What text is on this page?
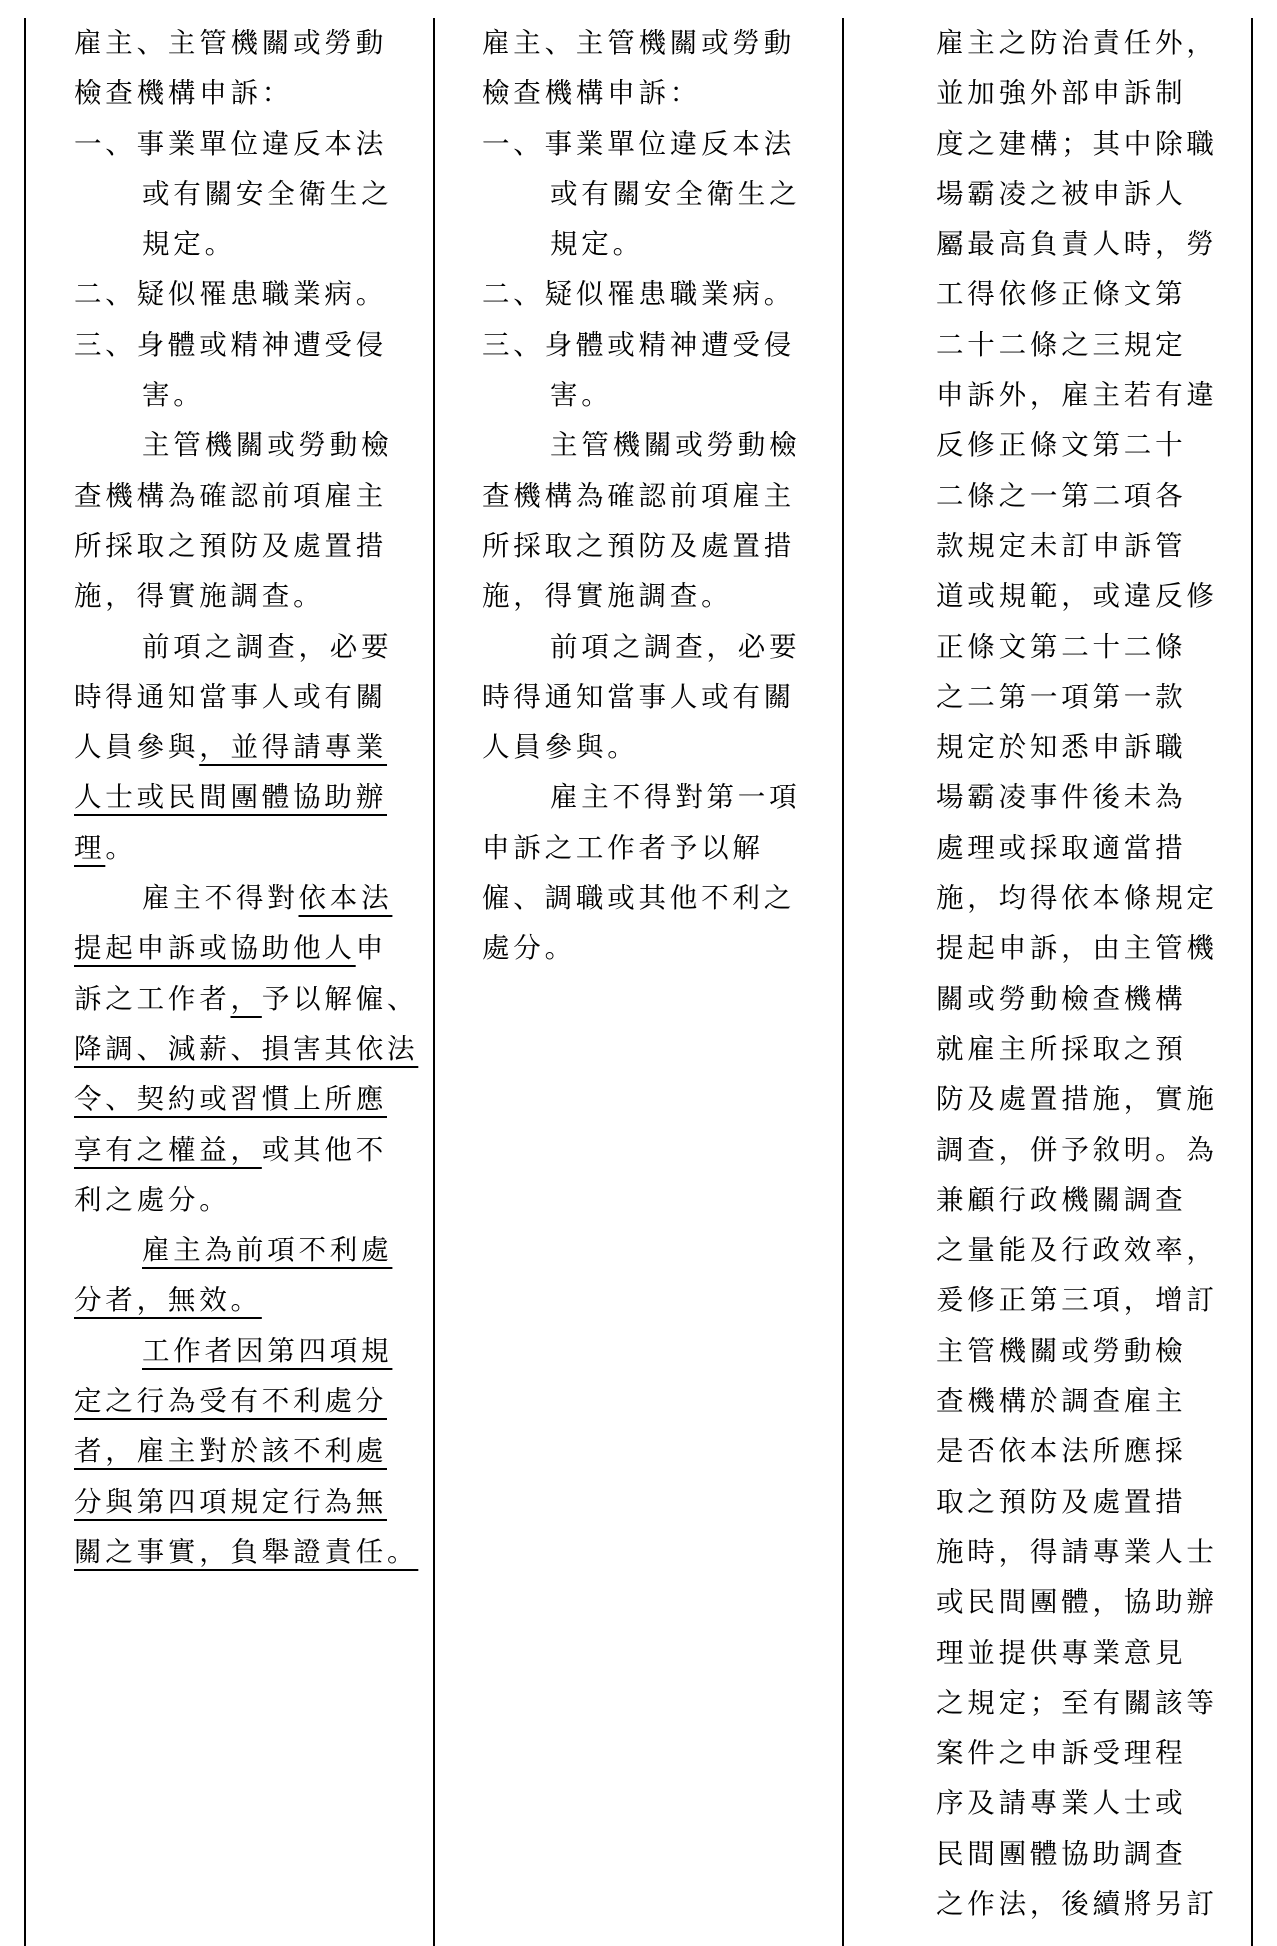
雇主、主管機關或勞動
檢查機構申訴：
一、事業單位違反本法
或有關安全衛生之
規定。
二、疑似罹患職業病。
三、身體或精神遭受侵
害。
主管機關或勞動檢
查機構為確認前項雇主
所採取之預防及處置措
施，得實施調查。
前項之調查，必要
時得通知當事人或有關
人員參與，並得請專業
人士或民間團體協助辦
理。
雇主不得對依本法
提起申訴或協助他人申
訴之工作者，予以解僱、
降調、減薪、損害其依法
令、契約或習慣上所應
享有之權益，或其他不
利之處分。
雇主為前項不利處
分者，無效。
工作者因第四項規
定之行為受有不利處分
者，雇主對於該不利處
分與第四項規定行為無
關之事實，負舉證責任。
雇主、主管機關或勞動
檢查機構申訴：
一、事業單位違反本法
或有關安全衛生之
規定。
二、疑似罹患職業病。
三、身體或精神遭受侵
害。
主管機關或勞動檢
查機構為確認前項雇主
所採取之預防及處置措
施，得實施調查。
前項之調查，必要
時得通知當事人或有關
人員參與。
雇主不得對第一項
申訴之工作者予以解
僱、調職或其他不利之
處分。
雇主之防治責任外，
並加強外部申訴制
度之建構；其中除職
場霸凌之被申訴人
屬最高負責人時，勞
工得依修正條文第
二十二條之三規定
申訴外，雇主若有違
反修正條文第二十
二條之一第二項各
款規定未訂申訴管
道或規範，或違反修
正條文第二十二條
之二第一項第一款
規定於知悉申訴職
場霸凌事件後未為
處理或採取適當措
施，均得依本條規定
提起申訴，由主管機
關或勞動檢查機構
就雇主所採取之預
防及處置措施，實施
調查，併予敘明。為
兼顧行政機關調查
之量能及行政效率，
爰修正第三項，增訂
主管機關或勞動檢
查機構於調查雇主
是否依本法所應採
取之預防及處置措
施時，得請專業人士
或民間團體，協助辦
理並提供專業意見
之規定；至有關該等
案件之申訴受理程
序及請專業人士或
民間團體協助調查
之作法，後續將另訂
